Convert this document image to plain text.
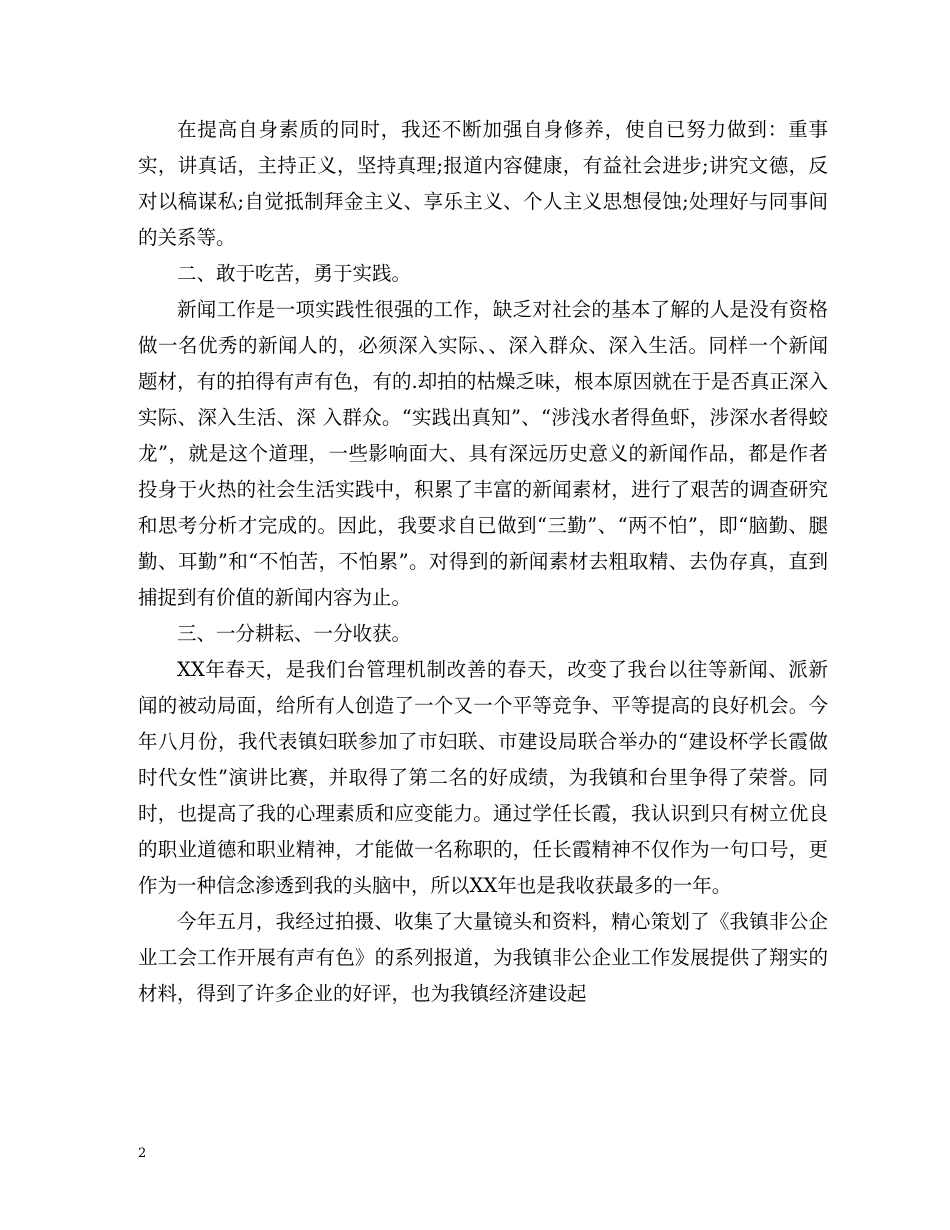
在提高自身素质的同时，我还不断加强自身修养，使自已努力做到：重事实，讲真话，主持正义，坚持真理;报道内容健康，有益社会进步;讲究文德，反对以稿谋私;自觉抵制拜金主义、享乐主义、个人主义思想侵蚀;处理好与同事间的关系等。

二、敢于吃苦，勇于实践。

新闻工作是一项实践性很强的工作，缺乏对社会的基本了解的人是没有资格做一名优秀的新闻人的，必须深入实际、、深入群众、深入生活。同样一个新闻题材，有的拍得有声有色，有的.却拍的枯燥乏味，根本原因就在于是否真正深入实际、深入生活、深 入群众。“实践出真知”、“涉浅水者得鱼虾，涉深水者得蛟龙”，就是这个道理，一些影响面大、具有深远历史意义的新闻作品，都是作者投身于火热的社会生活实践中，积累了丰富的新闻素材，进行了艰苦的调查研究和思考分析才完成的。因此，我要求自已做到“三勤”、“两不怕”，即“脑勤、腿勤、耳勤”和“不怕苦，不怕累”。对得到的新闻素材去粗取精、去伪存真，直到捕捉到有价值的新闻内容为止。

三、一分耕耘、一分收获。

XX年春天，是我们台管理机制改善的春天，改变了我台以往等新闻、派新闻的被动局面，给所有人创造了一个又一个平等竞争、平等提高的良好机会。今年八月份，我代表镇妇联参加了市妇联、市建设局联合举办的“建设杯学长霞做时代女性”演讲比赛，并取得了第二名的好成绩，为我镇和台里争得了荣誉。同时，也提高了我的心理素质和应变能力。通过学任长霞，我认识到只有树立优良的职业道德和职业精神，才能做一名称职的，任长霞精神不仅作为一句口号，更作为一种信念渗透到我的头脑中，所以XX年也是我收获最多的一年。

今年五月，我经过拍摄、收集了大量镜头和资料，精心策划了《我镇非公企业工会工作开展有声有色》的系列报道，为我镇非公企业工作发展提供了翔实的材料，得到了许多企业的好评，也为我镇经济建设起

2
